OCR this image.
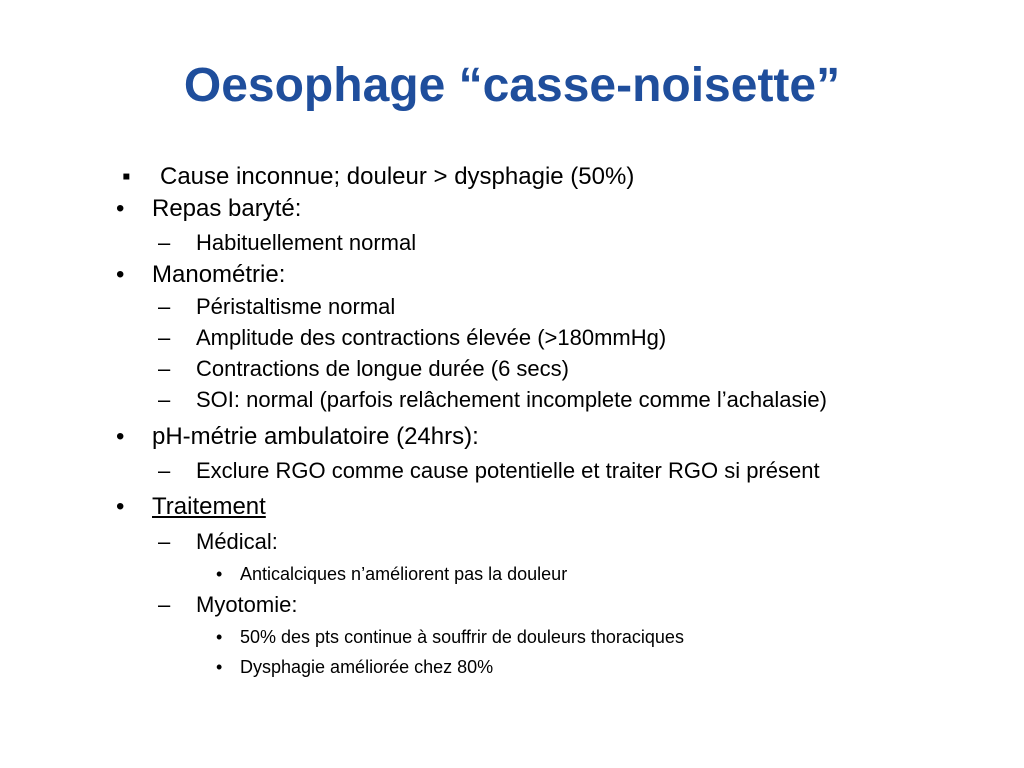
Oesophage “casse-noisette”
▪ Cause inconnue; douleur > dysphagie (50%)
• Repas baryté:
– Habituellement normal
• Manométrie:
– Péristaltisme normal
– Amplitude des contractions élevée (>180mmHg)
– Contractions de longue durée (6 secs)
– SOI: normal (parfois relâchement incomplete comme l’achalasie)
• pH-métrie ambulatoire (24hrs):
– Exclure RGO comme cause potentielle et traiter RGO si présent
• Traitement
– Médical:
• Anticalciques n’améliorent pas la douleur
– Myotomie:
• 50% des pts continue à souffrir de douleurs thoraciques
• Dysphagie améliorée chez 80%
